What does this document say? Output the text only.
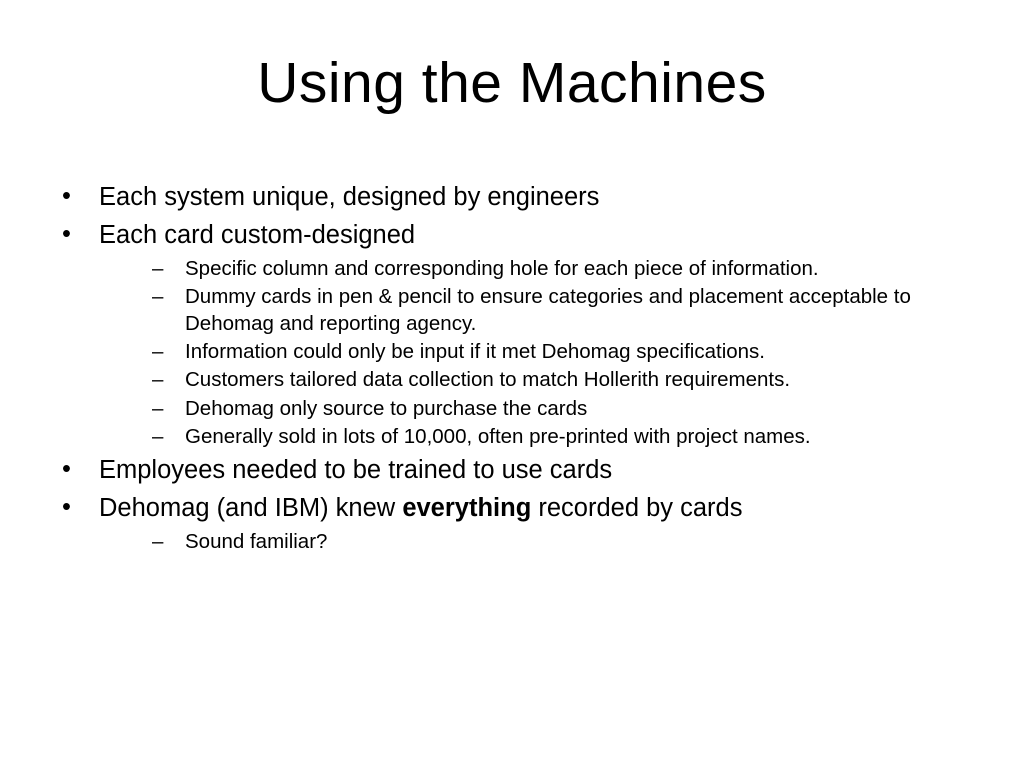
Using the Machines
• Each system unique, designed by engineers
• Each card custom-designed
– Specific column and corresponding hole for each piece of information.
– Dummy cards in pen & pencil to ensure categories and placement acceptable to Dehomag and reporting agency.
– Information could only be input if it met Dehomag specifications.
– Customers tailored data collection to match Hollerith requirements.
– Dehomag only source to purchase the cards
– Generally sold in lots of 10,000, often pre-printed with project names.
• Employees needed to be trained to use cards
• Dehomag (and IBM) knew everything recorded by cards
– Sound familiar?
